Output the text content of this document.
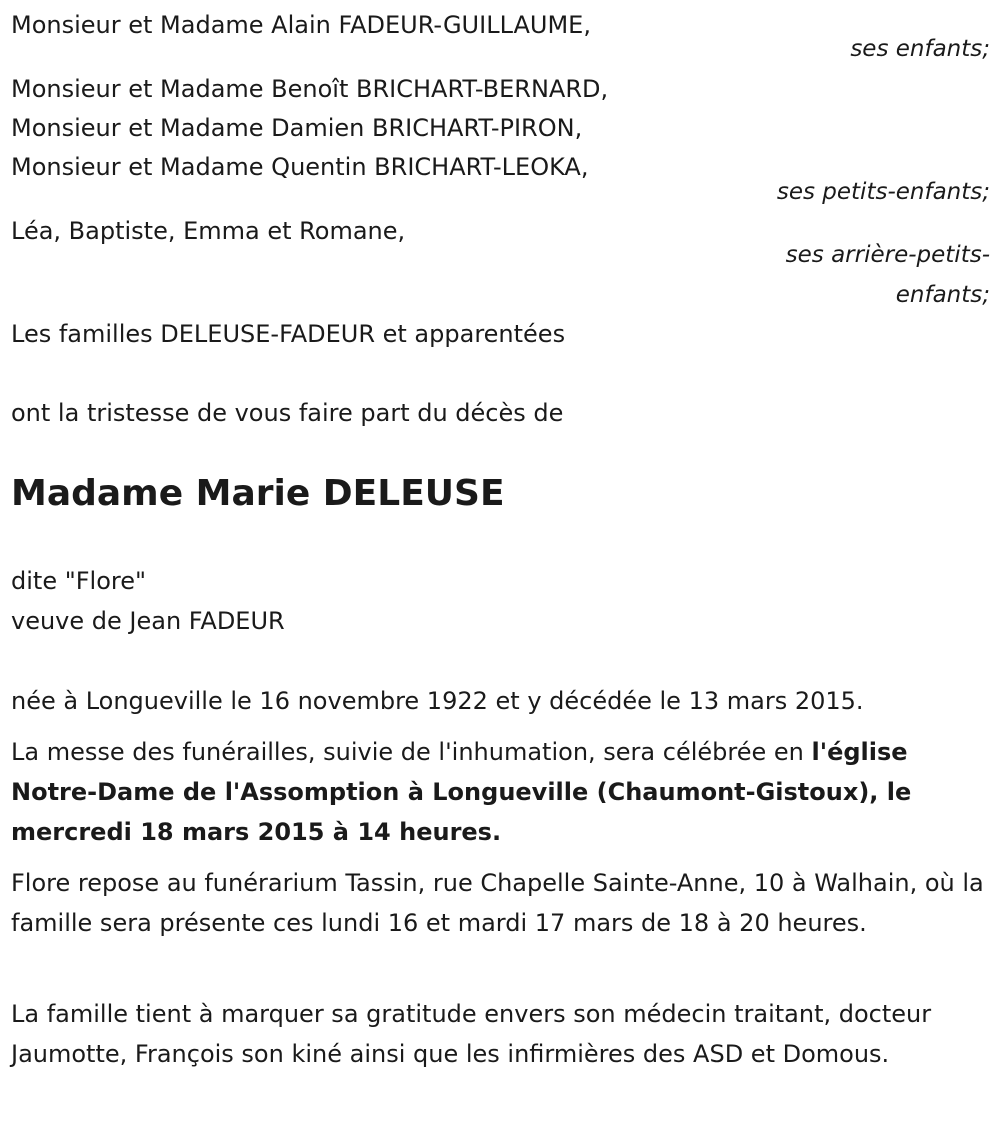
Monsieur et Madame Alain FADEUR-GUILLAUME,
ses enfants;
Monsieur et Madame Benoît BRICHART-BERNARD,
Monsieur et Madame Damien BRICHART-PIRON,
Monsieur et Madame Quentin BRICHART-LEOKA,
ses petits-enfants;
Léa, Baptiste, Emma et Romane,
ses arrière-petits-
enfants;
Les familles DELEUSE-FADEUR et apparentées
ont la tristesse de vous faire part du décès de
Madame Marie DELEUSE
dite "Flore"
veuve de Jean FADEUR
née à Longueville le 16 novembre 1922 et y décédée le 13 mars 2015.
La messe des funérailles, suivie de l'inhumation, sera célébrée en l'église Notre-Dame de l'Assomption à Longueville (Chaumont-Gistoux), le mercredi 18 mars 2015 à 14 heures.
Flore repose au funérarium Tassin, rue Chapelle Sainte-Anne, 10 à Walhain, où la famille sera présente ces lundi 16 et mardi 17 mars de 18 à 20 heures.
La famille tient à marquer sa gratitude envers son médecin traitant, docteur Jaumotte, François son kiné ainsi que les infirmières des ASD et Domous.
